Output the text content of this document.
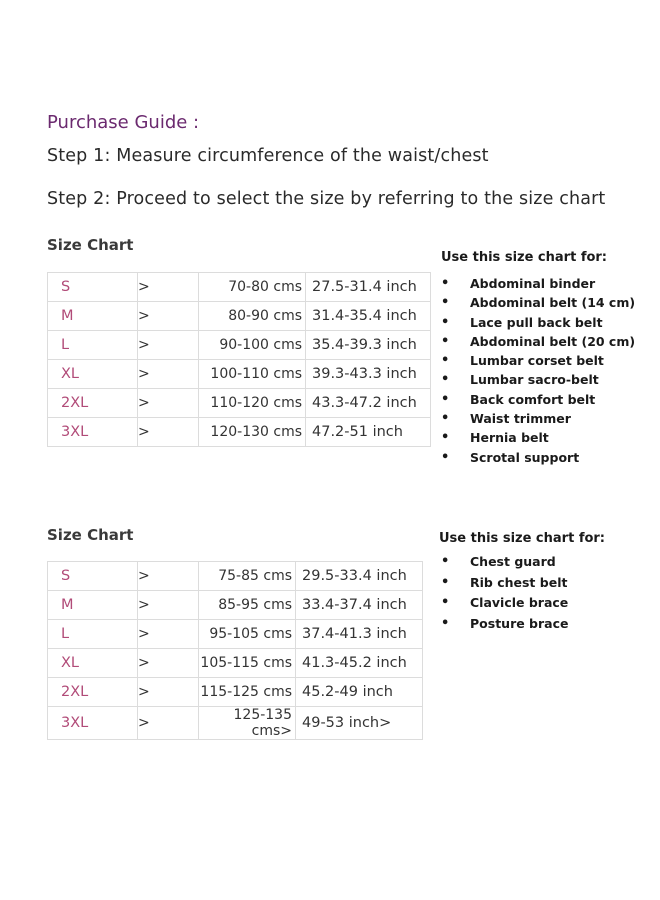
Purchase Guide :
Step 1: Measure circumference of the waist/chest
Step 2: Proceed to select the size by referring to the size chart
Size Chart
S	>	70-80 cms	27.5-31.4 inch
M	>	80-90 cms	31.4-35.4 inch
L	>	90-100 cms	35.4-39.3 inch
XL	>	100-110 cms	39.3-43.3 inch
2XL	>	110-120 cms	43.3-47.2 inch
3XL	>	120-130 cms	47.2-51 inch
Use this size chart for:
• Abdominal binder
• Abdominal belt (14 cm)
• Lace pull back belt
• Abdominal belt (20 cm)
• Lumbar corset belt
• Lumbar sacro-belt
• Back comfort belt
• Waist trimmer
• Hernia belt
• Scrotal support
Size Chart
S	>	75-85 cms	29.5-33.4 inch
M	>	85-95 cms	33.4-37.4 inch
L	>	95-105 cms	37.4-41.3 inch
XL	>	105-115 cms	41.3-45.2 inch
2XL	>	115-125 cms	45.2-49 inch
3XL	>	125-135 cms>	49-53 inch>
Use this size chart for:
• Chest guard
• Rib chest belt
• Clavicle brace
• Posture brace
